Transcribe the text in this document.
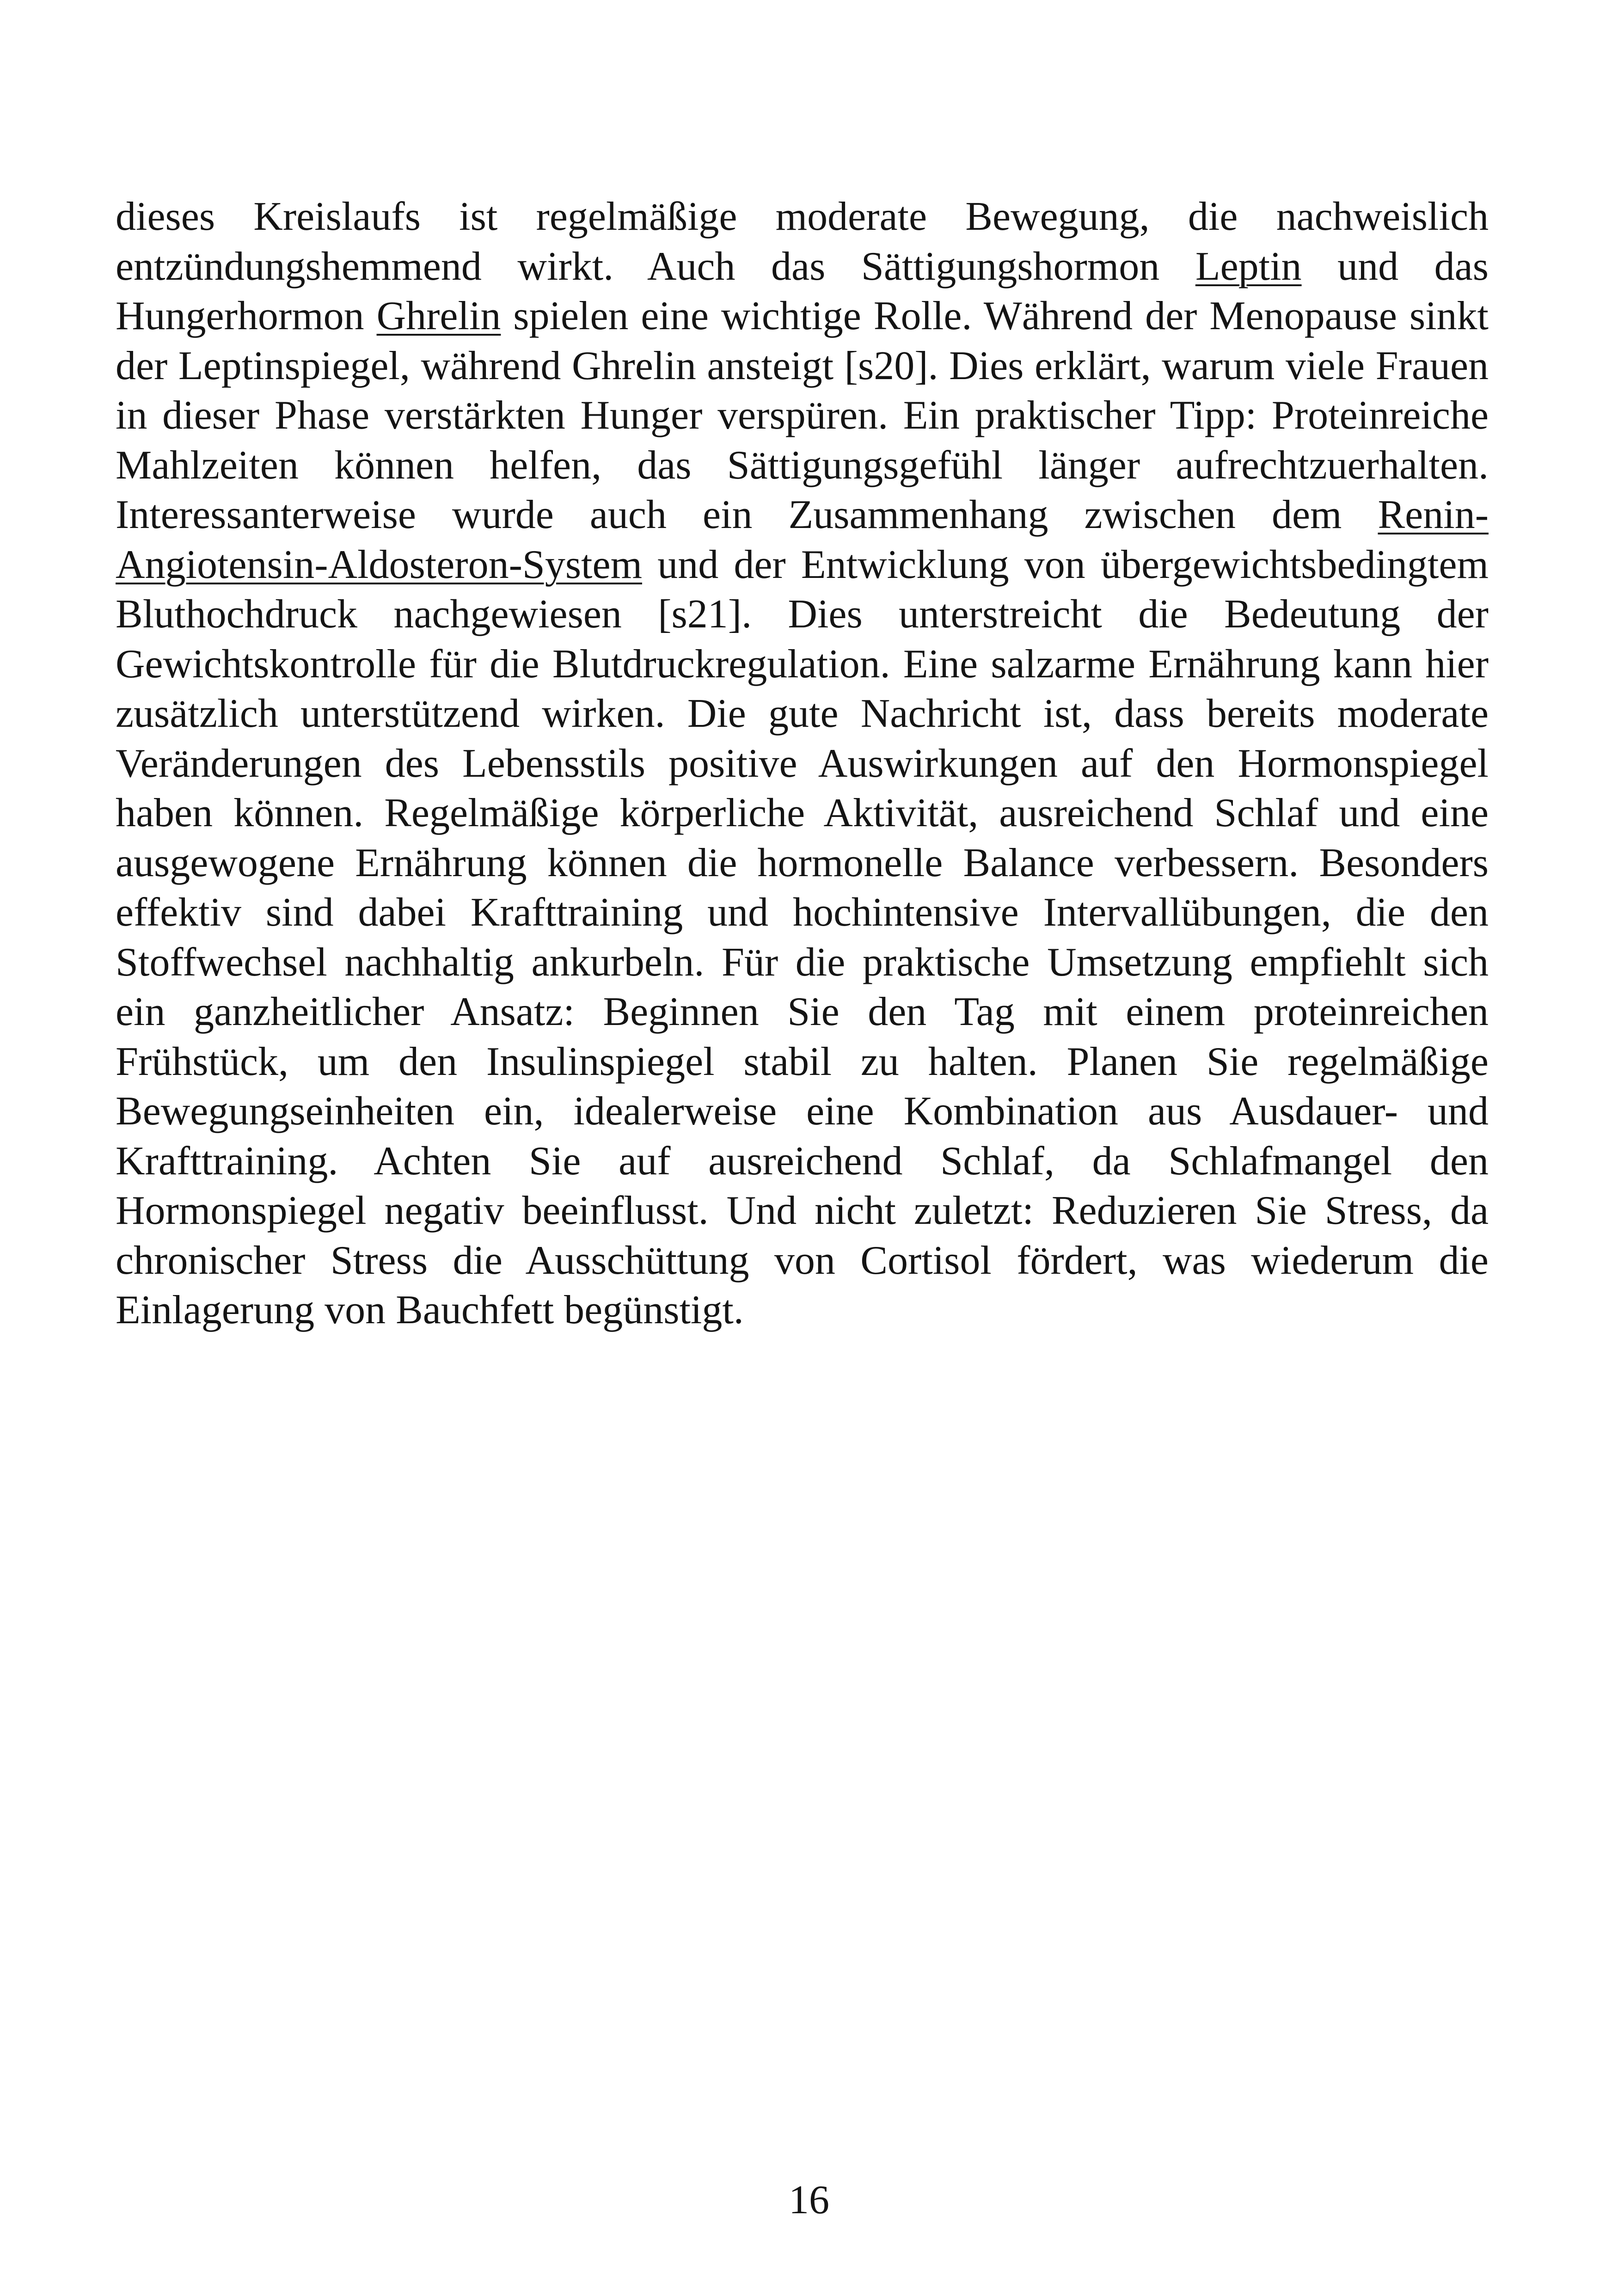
dieses Kreislaufs ist regelmäßige moderate Bewegung, die nachweislich entzündungshemmend wirkt. Auch das Sättigungshormon Leptin und das Hungerhormon Ghrelin spielen eine wichtige Rolle. Während der Menopause sinkt der Leptinspiegel, während Ghrelin ansteigt [s20]. Dies erklärt, warum viele Frauen in dieser Phase verstärkten Hunger verspüren. Ein praktischer Tipp: Proteinreiche Mahlzeiten können helfen, das Sättigungsgefühl länger aufrechtzuerhalten. Interessanterweise wurde auch ein Zusammenhang zwischen dem Renin-Angiotensin-Aldosteron-System und der Entwicklung von übergewichtsbedingtem Bluthochdruck nachgewiesen [s21]. Dies unterstreicht die Bedeutung der Gewichtskontrolle für die Blutdruckregulation. Eine salzarme Ernährung kann hier zusätzlich unterstützend wirken. Die gute Nachricht ist, dass bereits moderate Veränderungen des Lebensstils positive Auswirkungen auf den Hormonspiegel haben können. Regelmäßige körperliche Aktivität, ausreichend Schlaf und eine ausgewogene Ernährung können die hormonelle Balance verbessern. Besonders effektiv sind dabei Krafttraining und hochintensive Intervallübungen, die den Stoffwechsel nachhaltig ankurbeln. Für die praktische Umsetzung empfiehlt sich ein ganzheitlicher Ansatz: Beginnen Sie den Tag mit einem proteinreichen Frühstück, um den Insulinspiegel stabil zu halten. Planen Sie regelmäßige Bewegungseinheiten ein, idealerweise eine Kombination aus Ausdauer- und Krafttraining. Achten Sie auf ausreichend Schlaf, da Schlafmangel den Hormonspiegel negativ beeinflusst. Und nicht zuletzt: Reduzieren Sie Stress, da chronischer Stress die Ausschüttung von Cortisol fördert, was wiederum die Einlagerung von Bauchfett begünstigt.

16
